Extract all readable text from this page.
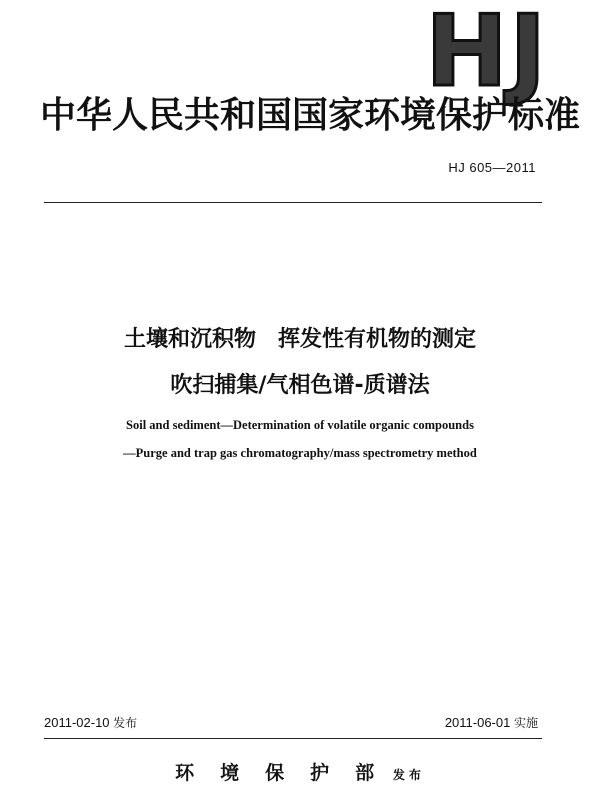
HJ
中华人民共和国国家环境保护标准
HJ 605—2011
土壤和沉积物　挥发性有机物的测定
吹扫捕集/气相色谱-质谱法
Soil and sediment—Determination of volatile organic compounds
—Purge and trap gas chromatography/mass spectrometry method
2011-02-10 发布	2011-06-01 实施
环境保护部 发布
